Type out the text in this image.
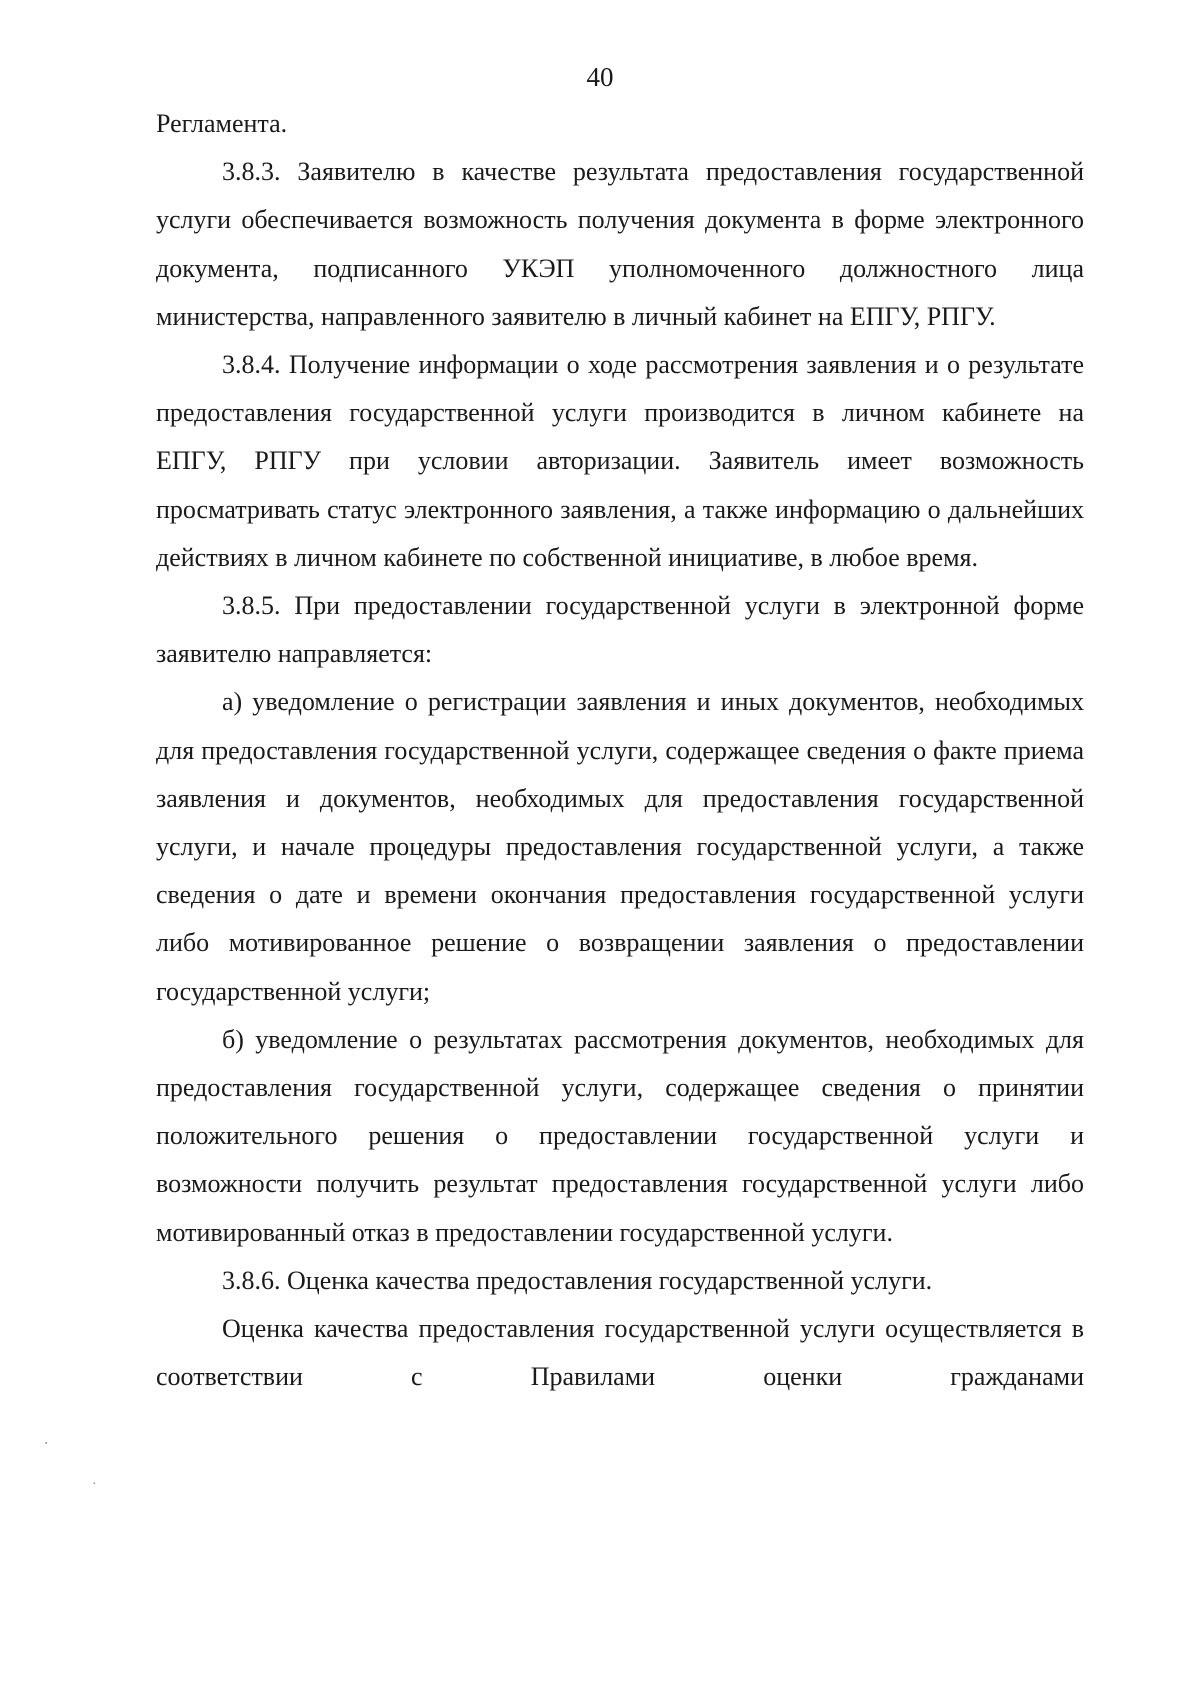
40

Регламента.

3.8.3. Заявителю в качестве результата предоставления государственной услуги обеспечивается возможность получения документа в форме электронного документа, подписанного УКЭП уполномоченного должностного лица министерства, направленного заявителю в личный кабинет на ЕПГУ, РПГУ.

3.8.4. Получение информации о ходе рассмотрения заявления и о результате предоставления государственной услуги производится в личном кабинете на ЕПГУ, РПГУ при условии авторизации. Заявитель имеет возможность просматривать статус электронного заявления, а также информацию о дальнейших действиях в личном кабинете по собственной инициативе, в любое время.

3.8.5. При предоставлении государственной услуги в электронной форме заявителю направляется:

а) уведомление о регистрации заявления и иных документов, необходимых для предоставления государственной услуги, содержащее сведения о факте приема заявления и документов, необходимых для предоставления государственной услуги, и начале процедуры предоставления государственной услуги, а также сведения о дате и времени окончания предоставления государственной услуги либо мотивированное решение о возвращении заявления о предоставлении государственной услуги;

б) уведомление о результатах рассмотрения документов, необходимых для предоставления государственной услуги, содержащее сведения о принятии положительного решения о предоставлении государственной услуги и возможности получить результат предоставления государственной услуги либо мотивированный отказ в предоставлении государственной услуги.

3.8.6. Оценка качества предоставления государственной услуги.

Оценка качества предоставления государственной услуги осуществляется в соответствии с Правилами оценки гражданами

‧
·
